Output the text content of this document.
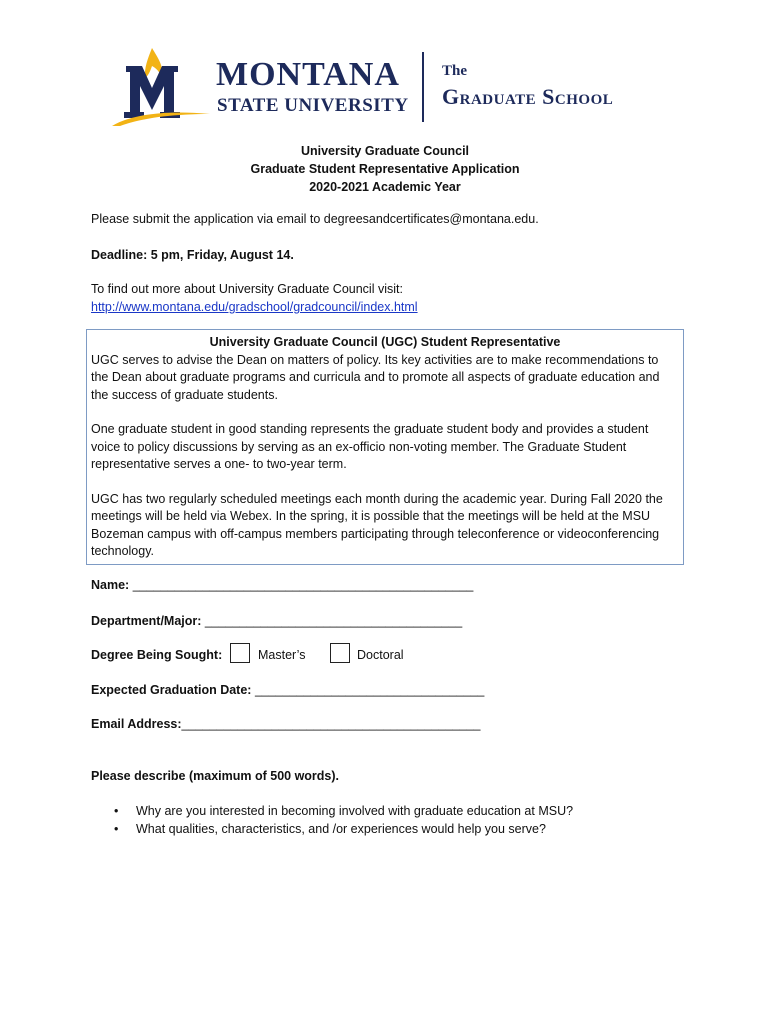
MONTANA
STATE UNIVERSITY
The
Graduate School
University Graduate Council
Graduate Student Representative Application
2020-2021 Academic Year
Please submit the application via email to degreesandcertificates@montana.edu.
Deadline: 5 pm, Friday, August 14.
To find out more about University Graduate Council visit:
http://www.montana.edu/gradschool/gradcouncil/index.html
University Graduate Council (UGC) Student Representative

UGC serves to advise the Dean on matters of policy. Its key activities are to make recommendations to the Dean about graduate programs and curricula and to promote all aspects of graduate education and the success of graduate students.

One graduate student in good standing represents the graduate student body and provides a student voice to policy discussions by serving as an ex-officio non-voting member. The Graduate Student representative serves a one- to two-year term.

UGC has two regularly scheduled meetings each month during the academic year. During Fall 2020 the meetings will be held via Webex. In the spring, it is possible that the meetings will be held at the MSU Bozeman campus with off-campus members participating through teleconference or videoconferencing technology.

Name: _________________________________________________
Department/Major: _____________________________________
Degree Being Sought:	Master’s	Doctoral
Expected Graduation Date: _________________________________
Email Address:___________________________________________
Please describe (maximum of 500 words).
• Why are you interested in becoming involved with graduate education at MSU?
• What qualities, characteristics, and /or experiences would help you serve?
